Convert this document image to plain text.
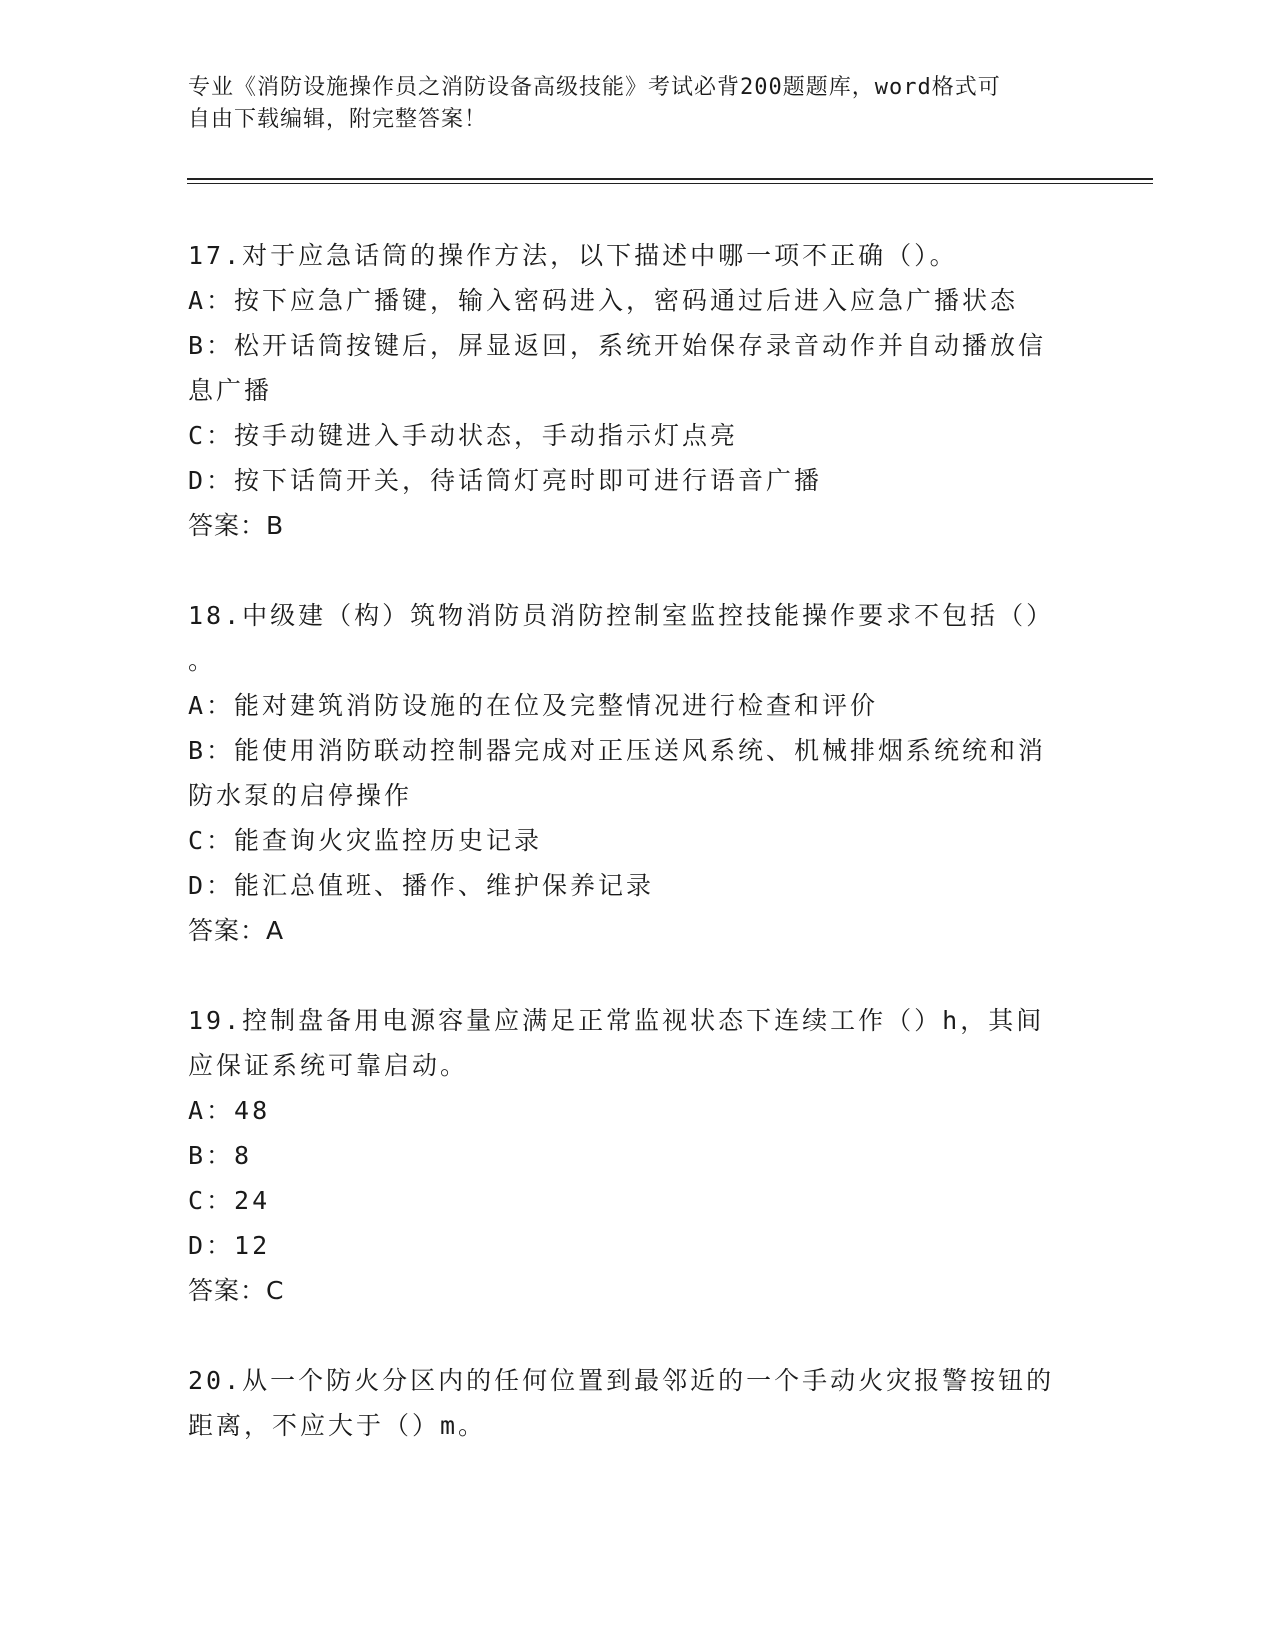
专业《消防设施操作员之消防设备高级技能》考试必背200题题库，word格式可
自由下载编辑，附完整答案！
17.对于应急话筒的操作方法，以下描述中哪一项不正确（）。
A：按下应急广播键，输入密码进入，密码通过后进入应急广播状态
B：松开话筒按键后，屏显返回，系统开始保存录音动作并自动播放信
息广播
C：按手动键进入手动状态，手动指示灯点亮
D：按下话筒开关，待话筒灯亮时即可进行语音广播
答案：B
18.中级建（构）筑物消防员消防控制室监控技能操作要求不包括（）
。
A：能对建筑消防设施的在位及完整情况进行检查和评价
B：能使用消防联动控制器完成对正压送风系统、机械排烟系统统和消
防水泵的启停操作
C：能查询火灾监控历史记录
D：能汇总值班、播作、维护保养记录
答案：A
19.控制盘备用电源容量应满足正常监视状态下连续工作（）h，其间
应保证系统可靠启动。
A：48
B：8
C：24
D：12
答案：C
20.从一个防火分区内的任何位置到最邻近的一个手动火灾报警按钮的
距离，不应大于（）m。
